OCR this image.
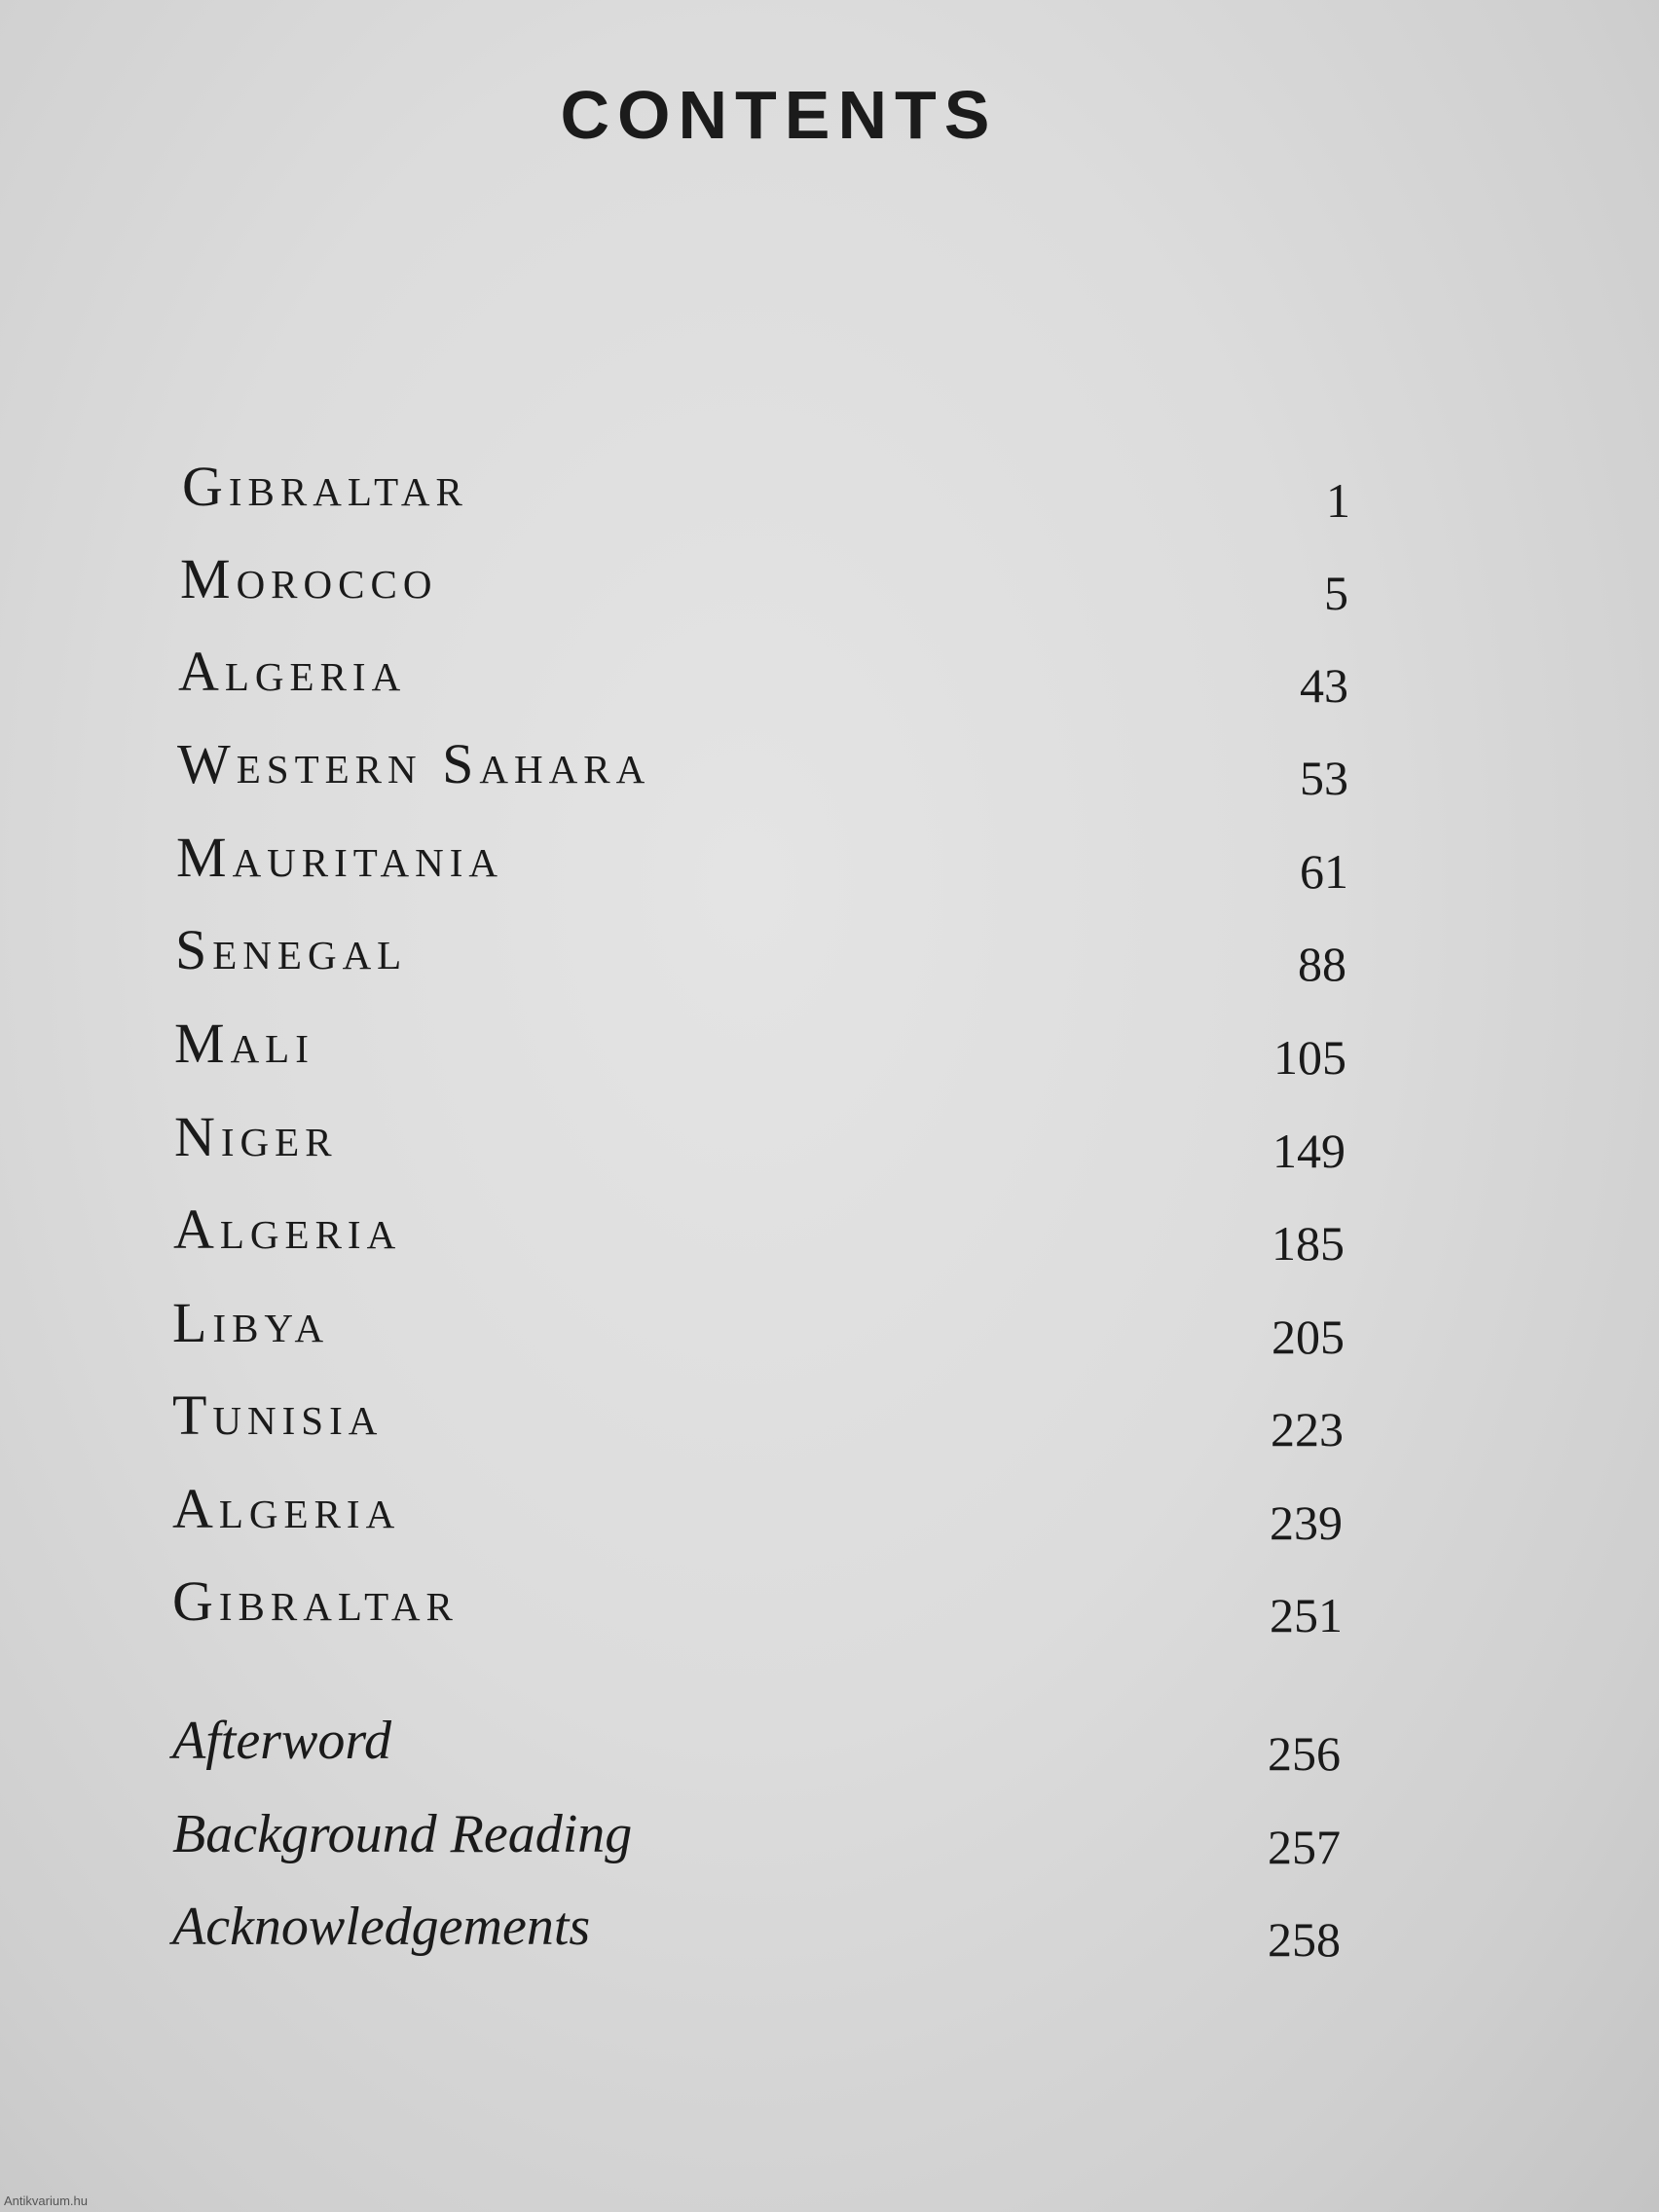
CONTENTS
Gibraltar	1
Morocco	5
Algeria	43
Western Sahara	53
Mauritania	61
Senegal	88
Mali	105
Niger	149
Algeria	185
Libya	205
Tunisia	223
Algeria	239
Gibraltar	251
Afterword	256
Background Reading	257
Acknowledgements	258
Antikvarium.hu
